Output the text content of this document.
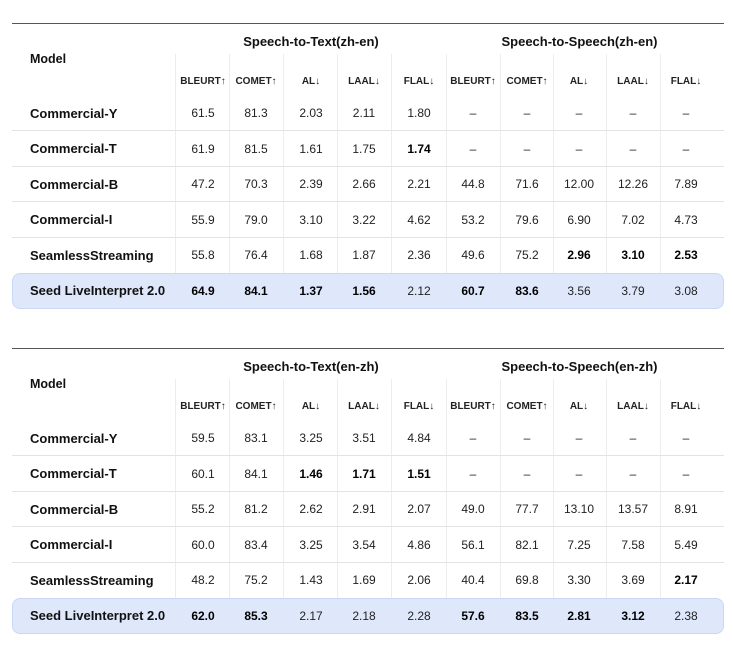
Model
Speech-to-Text(zh-en)	Speech-to-Speech(zh-en)
BLEURT↑ COMET↑	AL↓	LAAL↓	FLAL↓	BLEURT↑	COMET↑	AL↓	LAAL↓	FLAL↓
Commercial-Y	61.5	81.3	2.03	2.11	1.80	–	–	–	–	–
Commercial-T	61.9	81.5	1.61	1.75	1.74	–	–	–	–	–
Commercial-B	47.2	70.3	2.39	2.66	2.21	44.8	71.6	12.00	12.26	7.89
Commercial-I	55.9	79.0	3.10	3.22	4.62	53.2	79.6	6.90	7.02	4.73
SeamlessStreaming	55.8	76.4	1.68	1.87	2.36	49.6	75.2	2.96	3.10	2.53
Seed LiveInterpret 2.0	64.9	84.1	1.37	1.56	2.12	60.7	83.6	3.56	3.79	3.08
Model
Speech-to-Text(en-zh)	Speech-to-Speech(en-zh)
BLEURT↑ COMET↑	AL↓	LAAL↓	FLAL↓	BLEURT↑	COMET↑	AL↓	LAAL↓	FLAL↓
Commercial-Y	59.5	83.1	3.25	3.51	4.84	–	–	–	–	–
Commercial-T	60.1	84.1	1.46	1.71	1.51	–	–	–	–	–
Commercial-B	55.2	81.2	2.62	2.91	2.07	49.0	77.7	13.10	13.57	8.91
Commercial-I	60.0	83.4	3.25	3.54	4.86	56.1	82.1	7.25	7.58	5.49
SeamlessStreaming	48.2	75.2	1.43	1.69	2.06	40.4	69.8	3.30	3.69	2.17
Seed LiveInterpret 2.0	62.0	85.3	2.17	2.18	2.28	57.6	83.5	2.81	3.12	2.38
